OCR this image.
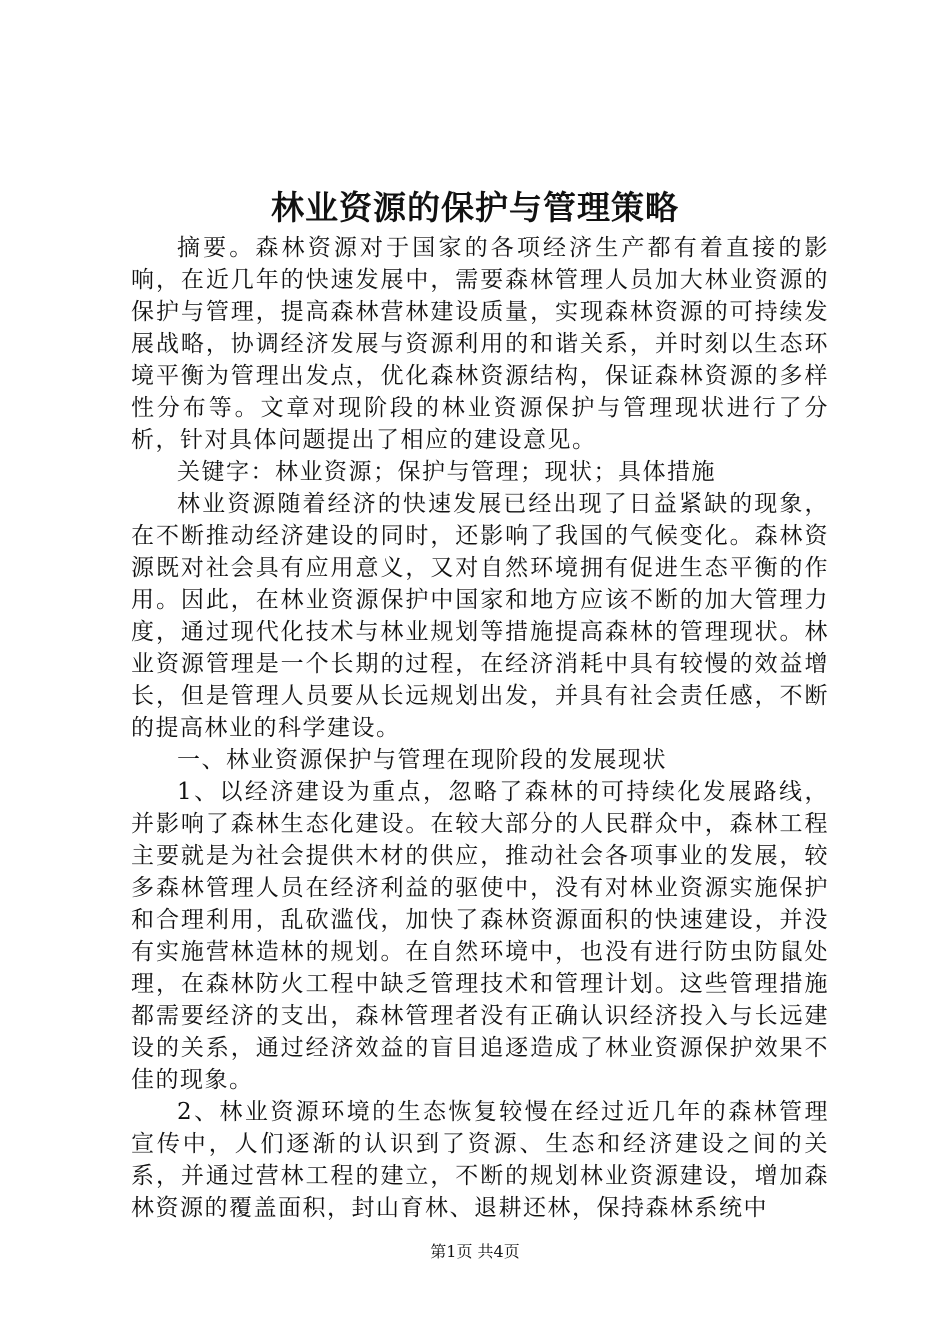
林业资源的保护与管理策略

摘要。森林资源对于国家的各项经济生产都有着直接的影响，在近几年的快速发展中，需要森林管理人员加大林业资源的保护与管理，提高森林营林建设质量，实现森林资源的可持续发展战略，协调经济发展与资源利用的和谐关系，并时刻以生态环境平衡为管理出发点，优化森林资源结构，保证森林资源的多样性分布等。文章对现阶段的林业资源保护与管理现状进行了分析，针对具体问题提出了相应的建设意见。

关键字：林业资源；保护与管理；现状；具体措施

林业资源随着经济的快速发展已经出现了日益紧缺的现象，在不断推动经济建设的同时，还影响了我国的气候变化。森林资源既对社会具有应用意义，又对自然环境拥有促进生态平衡的作用。因此，在林业资源保护中国家和地方应该不断的加大管理力度，通过现代化技术与林业规划等措施提高森林的管理现状。林业资源管理是一个长期的过程，在经济消耗中具有较慢的效益增长，但是管理人员要从长远规划出发，并具有社会责任感，不断的提高林业的科学建设。

一、林业资源保护与管理在现阶段的发展现状

1、以经济建设为重点，忽略了森林的可持续化发展路线，并影响了森林生态化建设。在较大部分的人民群众中，森林工程主要就是为社会提供木材的供应，推动社会各项事业的发展，较多森林管理人员在经济利益的驱使中，没有对林业资源实施保护和合理利用，乱砍滥伐，加快了森林资源面积的快速建设，并没有实施营林造林的规划。在自然环境中，也没有进行防虫防鼠处理，在森林防火工程中缺乏管理技术和管理计划。这些管理措施都需要经济的支出，森林管理者没有正确认识经济投入与长远建设的关系，通过经济效益的盲目追逐造成了林业资源保护效果不佳的现象。

2、林业资源环境的生态恢复较慢在经过近几年的森林管理宣传中，人们逐渐的认识到了资源、生态和经济建设之间的关系，并通过营林工程的建立，不断的规划林业资源建设，增加森林资源的覆盖面积，封山育林、退耕还林，保持森林系统中

第1页 共4页
